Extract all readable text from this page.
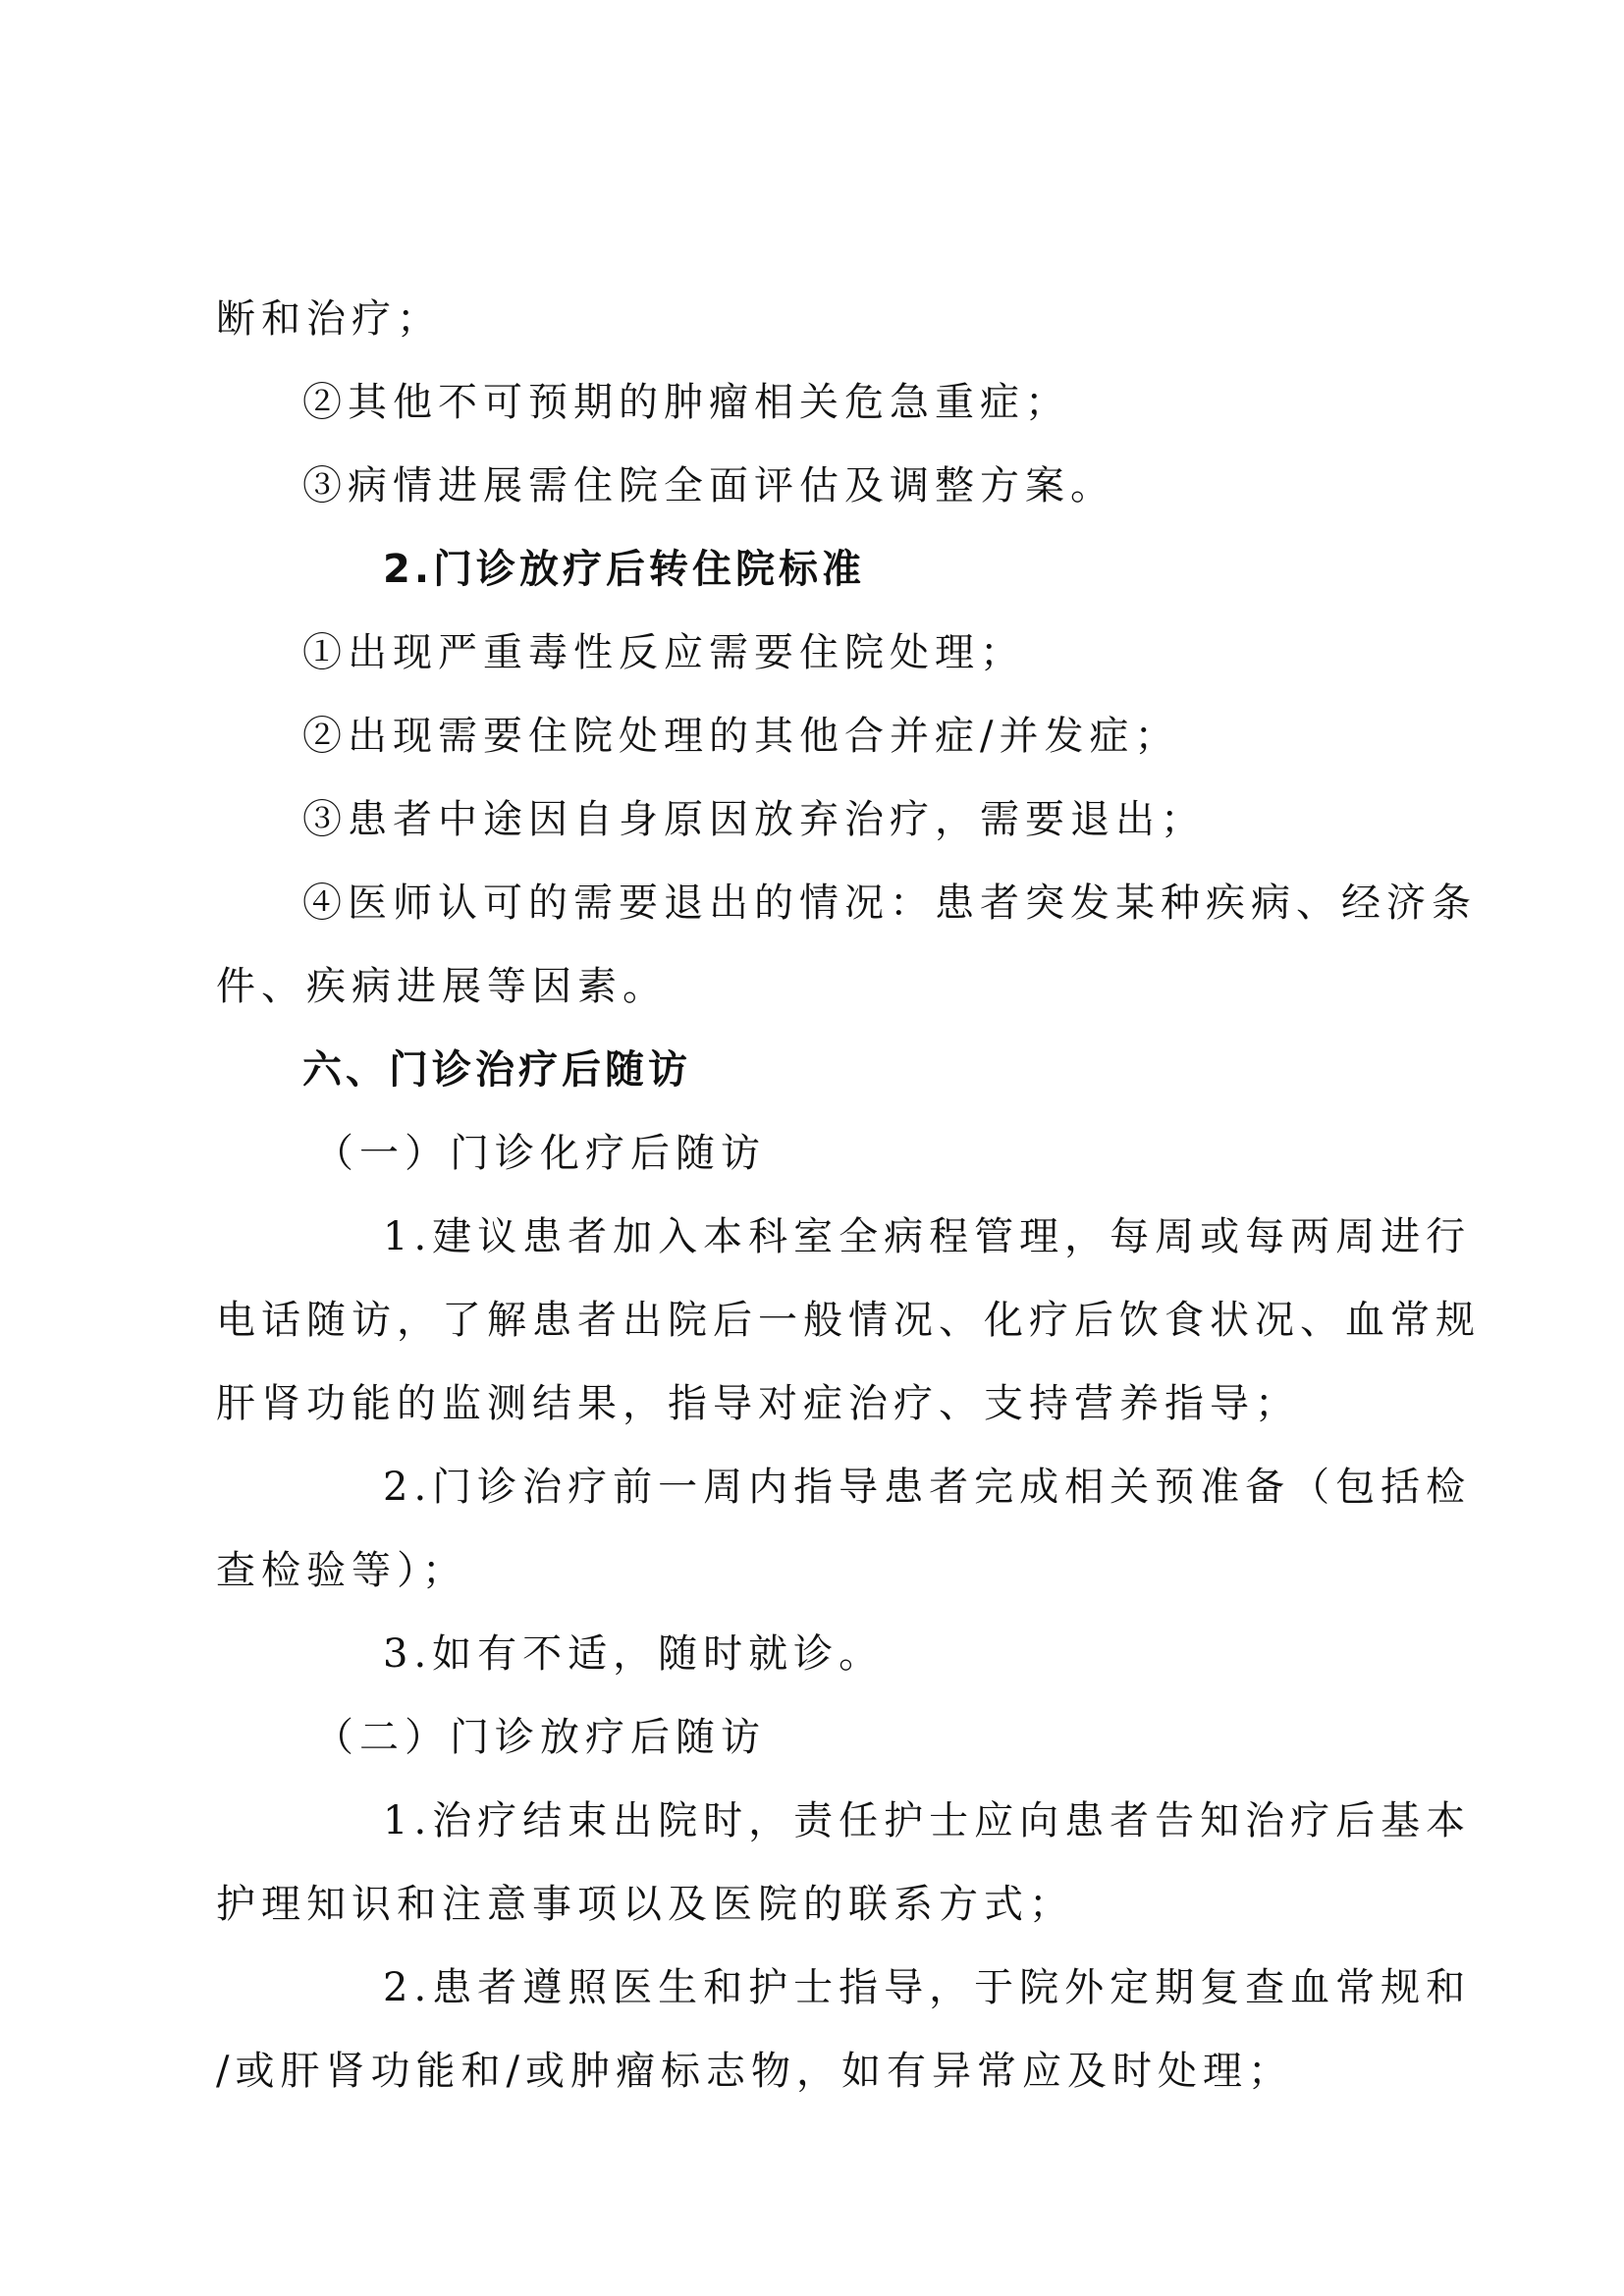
断和治疗；
②其他不可预期的肿瘤相关危急重症；
③病情进展需住院全面评估及调整方案。
2.门诊放疗后转住院标准
①出现严重毒性反应需要住院处理；
②出现需要住院处理的其他合并症/并发症；
③患者中途因自身原因放弃治疗，需要退出；
④医师认可的需要退出的情况：患者突发某种疾病、经济条
件、疾病进展等因素。
六、门诊治疗后随访
（一）门诊化疗后随访
1.建议患者加入本科室全病程管理，每周或每两周进行
电话随访，了解患者出院后一般情况、化疗后饮食状况、血常规
肝肾功能的监测结果，指导对症治疗、支持营养指导；
2.门诊治疗前一周内指导患者完成相关预准备（包括检
查检验等）；
3.如有不适，随时就诊。
（二）门诊放疗后随访
1.治疗结束出院时，责任护士应向患者告知治疗后基本
护理知识和注意事项以及医院的联系方式；
2.患者遵照医生和护士指导，于院外定期复查血常规和
/或肝肾功能和/或肿瘤标志物，如有异常应及时处理；
